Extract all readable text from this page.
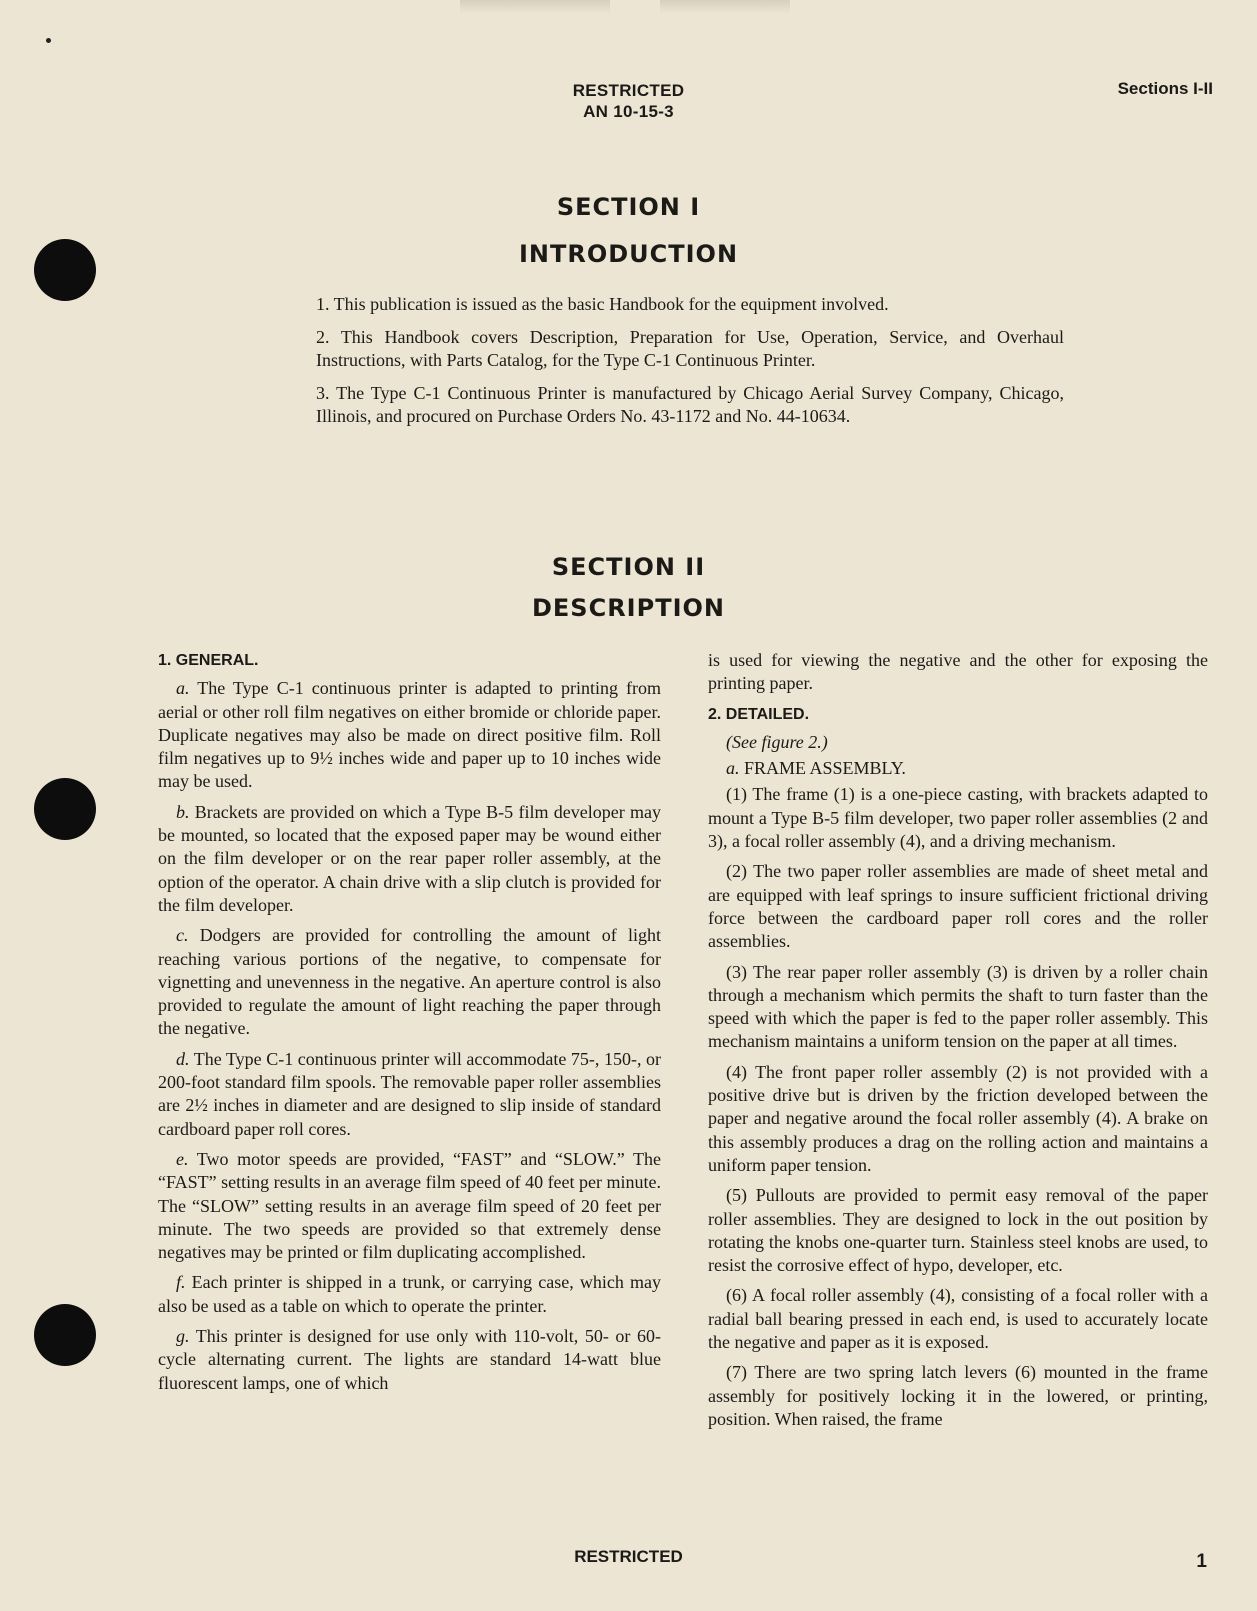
RESTRICTED
AN 10-15-3
Sections I-II
SECTION I
INTRODUCTION

1. This publication is issued as the basic Handbook for the equipment involved.

2. This Handbook covers Description, Preparation for Use, Operation, Service, and Overhaul Instructions, with Parts Catalog, for the Type C-1 Continuous Printer.

3. The Type C-1 Continuous Printer is manufactured by Chicago Aerial Survey Company, Chicago, Illinois, and procured on Purchase Orders No. 43-1172 and No. 44-10634.

SECTION II
DESCRIPTION
1. GENERAL.

a. The Type C-1 continuous printer is adapted to printing from aerial or other roll film negatives on either bromide or chloride paper. Duplicate negatives may also be made on direct positive film. Roll film negatives up to 9½ inches wide and paper up to 10 inches wide may be used.

b. Brackets are provided on which a Type B-5 film developer may be mounted, so located that the exposed paper may be wound either on the film developer or on the rear paper roller assembly, at the option of the operator. A chain drive with a slip clutch is provided for the film developer.

c. Dodgers are provided for controlling the amount of light reaching various portions of the negative, to compensate for vignetting and unevenness in the negative. An aperture control is also provided to regulate the amount of light reaching the paper through the negative.

d. The Type C-1 continuous printer will accommodate 75-, 150-, or 200-foot standard film spools. The removable paper roller assemblies are 2½ inches in diameter and are designed to slip inside of standard cardboard paper roll cores.

e. Two motor speeds are provided, “FAST” and “SLOW.” The “FAST” setting results in an average film speed of 40 feet per minute. The “SLOW” setting results in an average film speed of 20 feet per minute. The two speeds are provided so that extremely dense negatives may be printed or film duplicating accomplished.

f. Each printer is shipped in a trunk, or carrying case, which may also be used as a table on which to operate the printer.

g. This printer is designed for use only with 110-volt, 50- or 60-cycle alternating current. The lights are standard 14-watt blue fluorescent lamps, one of which

is used for viewing the negative and the other for exposing the printing paper.

2. DETAILED.

(See figure 2.)

a. FRAME ASSEMBLY.

(1) The frame (1) is a one-piece casting, with brackets adapted to mount a Type B-5 film developer, two paper roller assemblies (2 and 3), a focal roller assembly (4), and a driving mechanism.

(2) The two paper roller assemblies are made of sheet metal and are equipped with leaf springs to insure sufficient frictional driving force between the cardboard paper roll cores and the roller assemblies.

(3) The rear paper roller assembly (3) is driven by a roller chain through a mechanism which permits the shaft to turn faster than the speed with which the paper is fed to the paper roller assembly. This mechanism maintains a uniform tension on the paper at all times.

(4) The front paper roller assembly (2) is not provided with a positive drive but is driven by the friction developed between the paper and negative around the focal roller assembly (4). A brake on this assembly produces a drag on the rolling action and maintains a uniform paper tension.

(5) Pullouts are provided to permit easy removal of the paper roller assemblies. They are designed to lock in the out position by rotating the knobs one-quarter turn. Stainless steel knobs are used, to resist the corrosive effect of hypo, developer, etc.

(6) A focal roller assembly (4), consisting of a focal roller with a radial ball bearing pressed in each end, is used to accurately locate the negative and paper as it is exposed.

(7) There are two spring latch levers (6) mounted in the frame assembly for positively locking it in the lowered, or printing, position. When raised, the frame

RESTRICTED	1
